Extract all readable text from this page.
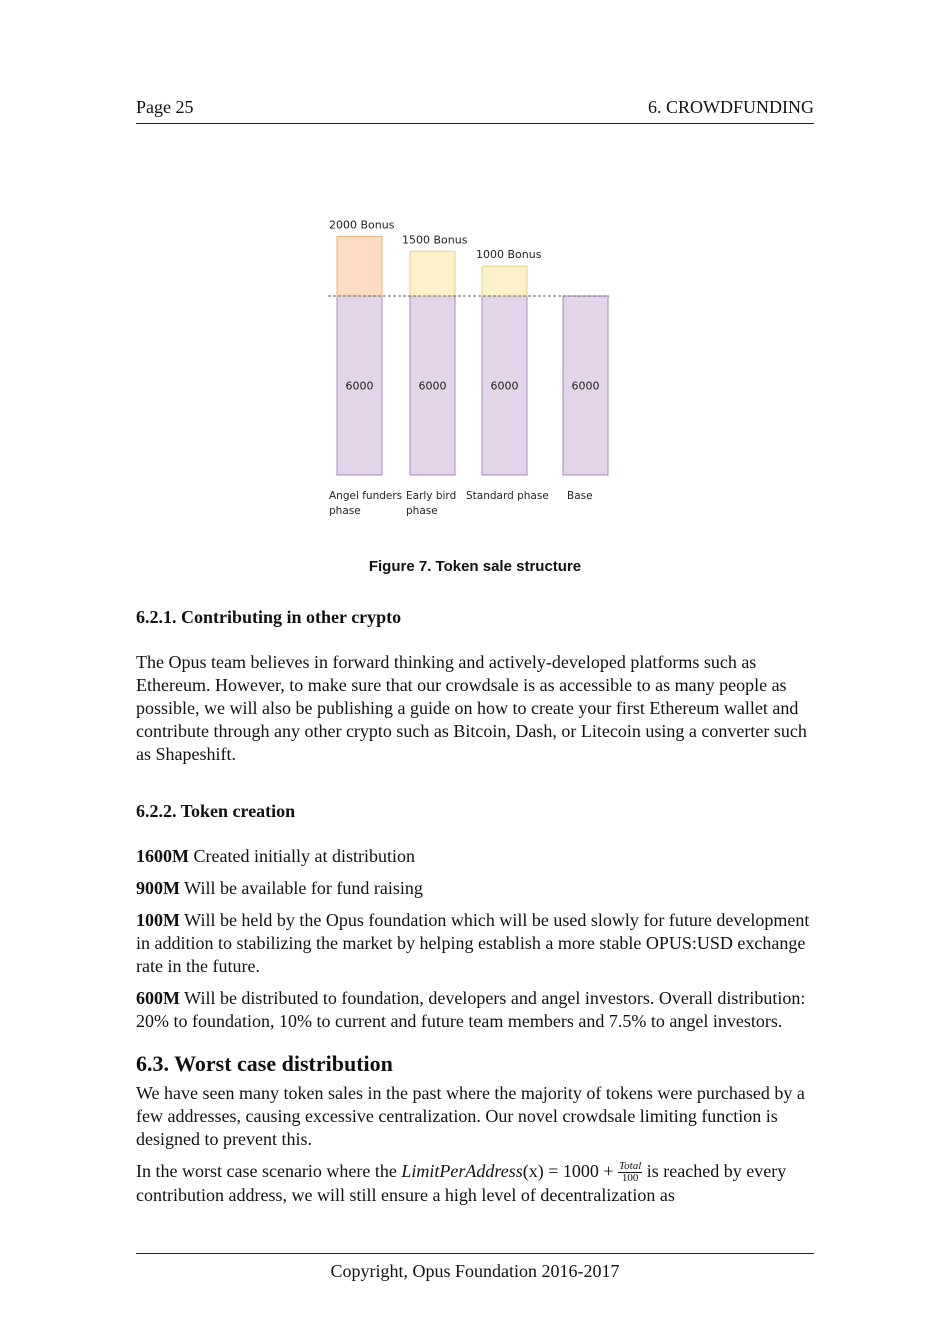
Page 25	6. CROWDFUNDING
6000
2000 Bonus
Angel funders
phase
6000
1500 Bonus
Early bird
phase
6000
1000 Bonus
Standard phase
6000
Base
Figure 7. Token sale structure
6.2.1. Contributing in other crypto

The Opus team believes in forward thinking and actively-developed platforms such as Ethereum. However, to make sure that our crowdsale is as accessible to as many people as possible, we will also be publishing a guide on how to create your first Ethereum wallet and contribute through any other crypto such as Bitcoin, Dash, or Litecoin using a converter such as Shapeshift.

6.2.2. Token creation

1600M Created initially at distribution

900M Will be available for fund raising

100M Will be held by the Opus foundation which will be used slowly for future development in addition to stabilizing the market by helping establish a more stable OPUS:USD exchange rate in the future.

600M Will be distributed to foundation, developers and angel investors. Overall distribution: 20% to foundation, 10% to current and future team members and 7.5% to angel investors.

6.3. Worst case distribution

We have seen many token sales in the past where the majority of tokens were purchased by a few addresses, causing excessive centralization. Our novel crowdsale limiting function is designed to prevent this.

In the worst case scenario where the LimitPerAddress(x) = $1000 + \frac{\text{Total}}{100}$ is reached by every contribution address, we will still ensure a high level of decentralization as

Copyright, Opus Foundation 2016-2017
